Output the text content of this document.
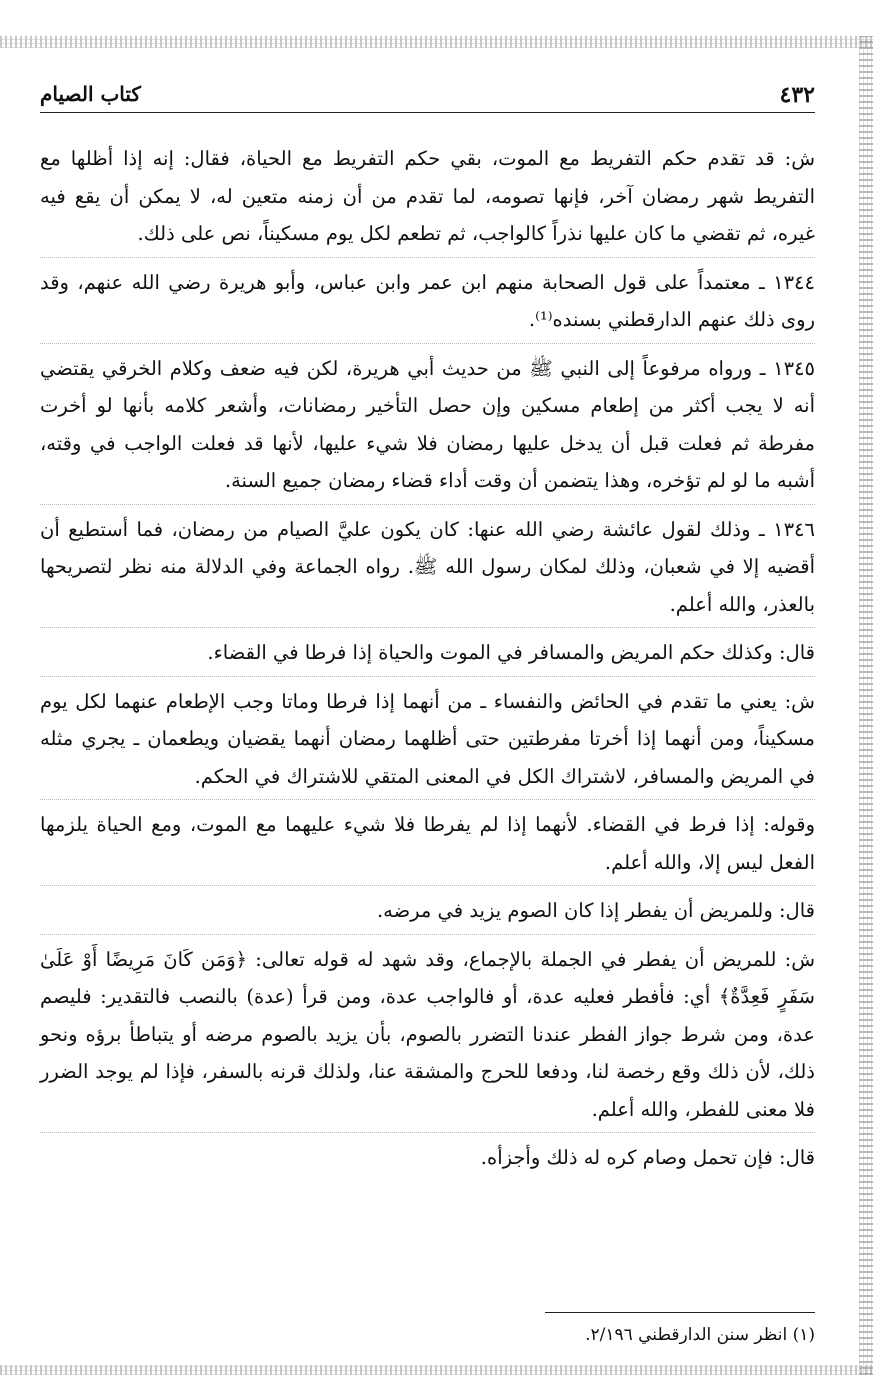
٤٣٢
كتاب الصيام

ش: قد تقدم حكم التفريط مع الموت، بقي حكم التفريط مع الحياة، فقال: إنه إذا أظلها مع التفريط شهر رمضان آخر، فإنها تصومه، لما تقدم من أن زمنه متعين له، لا يمكن أن يقع فيه غيره، ثم تقضي ما كان عليها نذراً كالواجب، ثم تطعم لكل يوم مسكيناً، نص على ذلك.

١٣٤٤ ـ معتمداً على قول الصحابة منهم ابن عمر وابن عباس، وأبو هريرة رضي الله عنهم، وقد روى ذلك عنهم الدارقطني بسنده⁽¹⁾.

١٣٤٥ ـ ورواه مرفوعاً إلى النبي ﷺ من حديث أبي هريرة، لكن فيه ضعف وكلام الخرقي يقتضي أنه لا يجب أكثر من إطعام مسكين وإن حصل التأخير رمضانات، وأشعر كلامه بأنها لو أخرت مفرطة ثم فعلت قبل أن يدخل عليها رمضان فلا شيء عليها، لأنها قد فعلت الواجب في وقته، أشبه ما لو لم تؤخره، وهذا يتضمن أن وقت أداء قضاء رمضان جميع السنة.

١٣٤٦ ـ وذلك لقول عائشة رضي الله عنها: كان يكون عليَّ الصيام من رمضان، فما أستطيع أن أقضيه إلا في شعبان، وذلك لمكان رسول الله ﷺ. رواه الجماعة وفي الدلالة منه نظر لتصريحها بالعذر، والله أعلم.

قال: وكذلك حكم المريض والمسافر في الموت والحياة إذا فرطا في القضاء.

ش: يعني ما تقدم في الحائض والنفساء ـ من أنهما إذا فرطا وماتا وجب الإطعام عنهما لكل يوم مسكيناً، ومن أنهما إذا أخرتا مفرطتين حتى أظلهما رمضان أنهما يقضيان ويطعمان ـ يجري مثله في المريض والمسافر، لاشتراك الكل في المعنى المتقي للاشتراك في الحكم.

وقوله: إذا فرط في القضاء. لأنهما إذا لم يفرطا فلا شيء عليهما مع الموت، ومع الحياة يلزمها الفعل ليس إلا، والله أعلم.

قال: وللمريض أن يفطر إذا كان الصوم يزيد في مرضه.

ش: للمريض أن يفطر في الجملة بالإجماع، وقد شهد له قوله تعالى: ﴿وَمَن كَانَ مَرِيضًا أَوْ عَلَىٰ سَفَرٍ فَعِدَّةٌ﴾ أي: فأفطر فعليه عدة، أو فالواجب عدة، ومن قرأ (عدة) بالنصب فالتقدير: فليصم عدة، ومن شرط جواز الفطر عندنا التضرر بالصوم، بأن يزيد بالصوم مرضه أو يتباطأ برؤه ونحو ذلك، لأن ذلك وقع رخصة لنا، ودفعا للحرج والمشقة عنا، ولذلك قرنه بالسفر، فإذا لم يوجد الضرر فلا معنى للفطر، والله أعلم.

قال: فإن تحمل وصام كره له ذلك وأجزأه.

(١) انظر سنن الدارقطني ٢/١٩٦.
